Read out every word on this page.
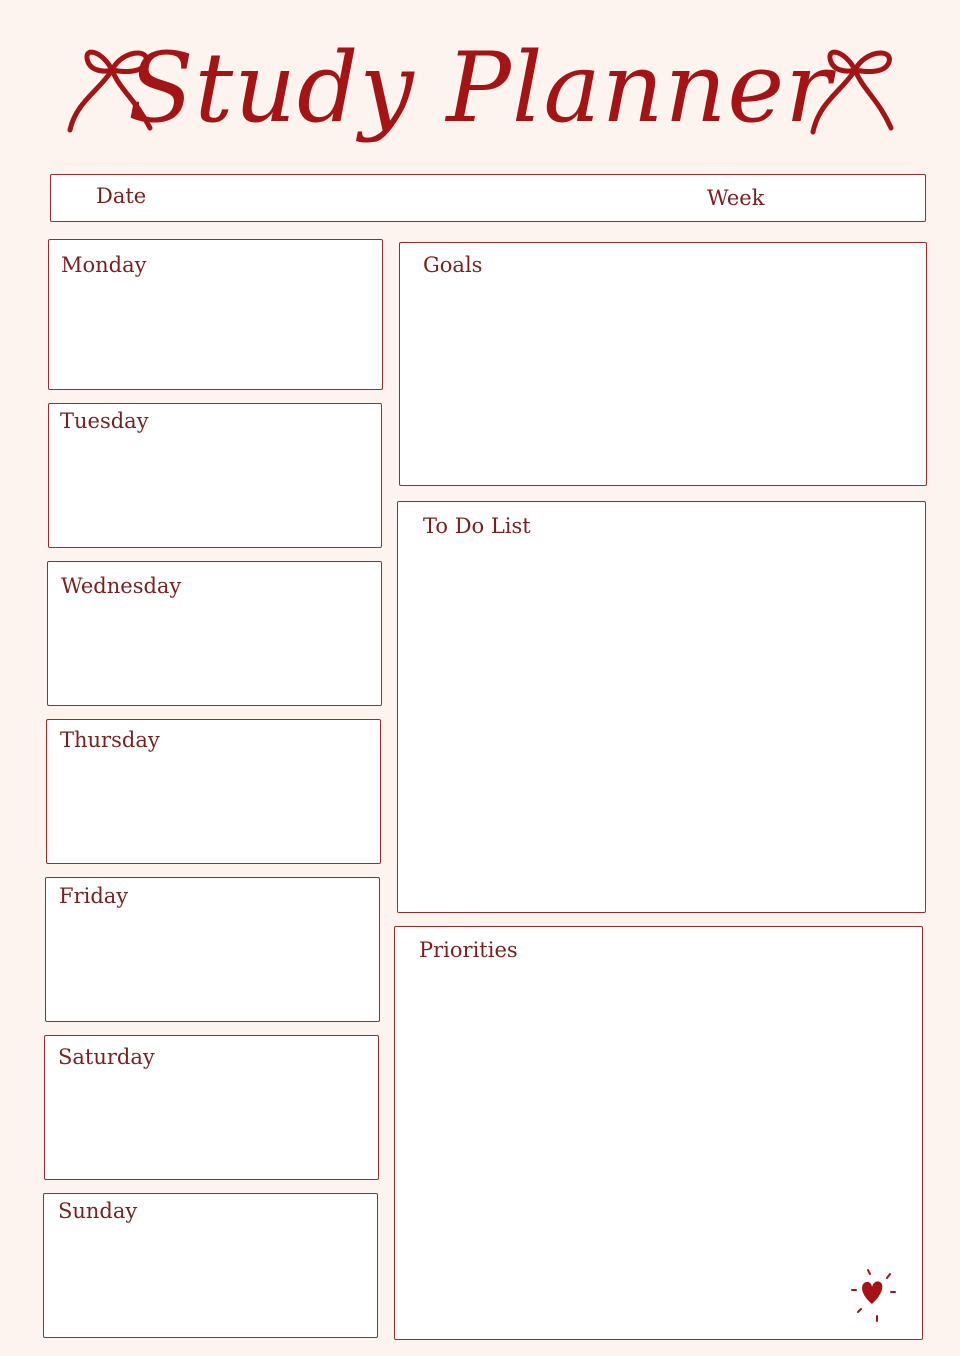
Study Planner
Date	Week
Monday
Tuesday
Wednesday
Thursday
Friday
Saturday
Sunday
Goals
To Do List
Priorities
